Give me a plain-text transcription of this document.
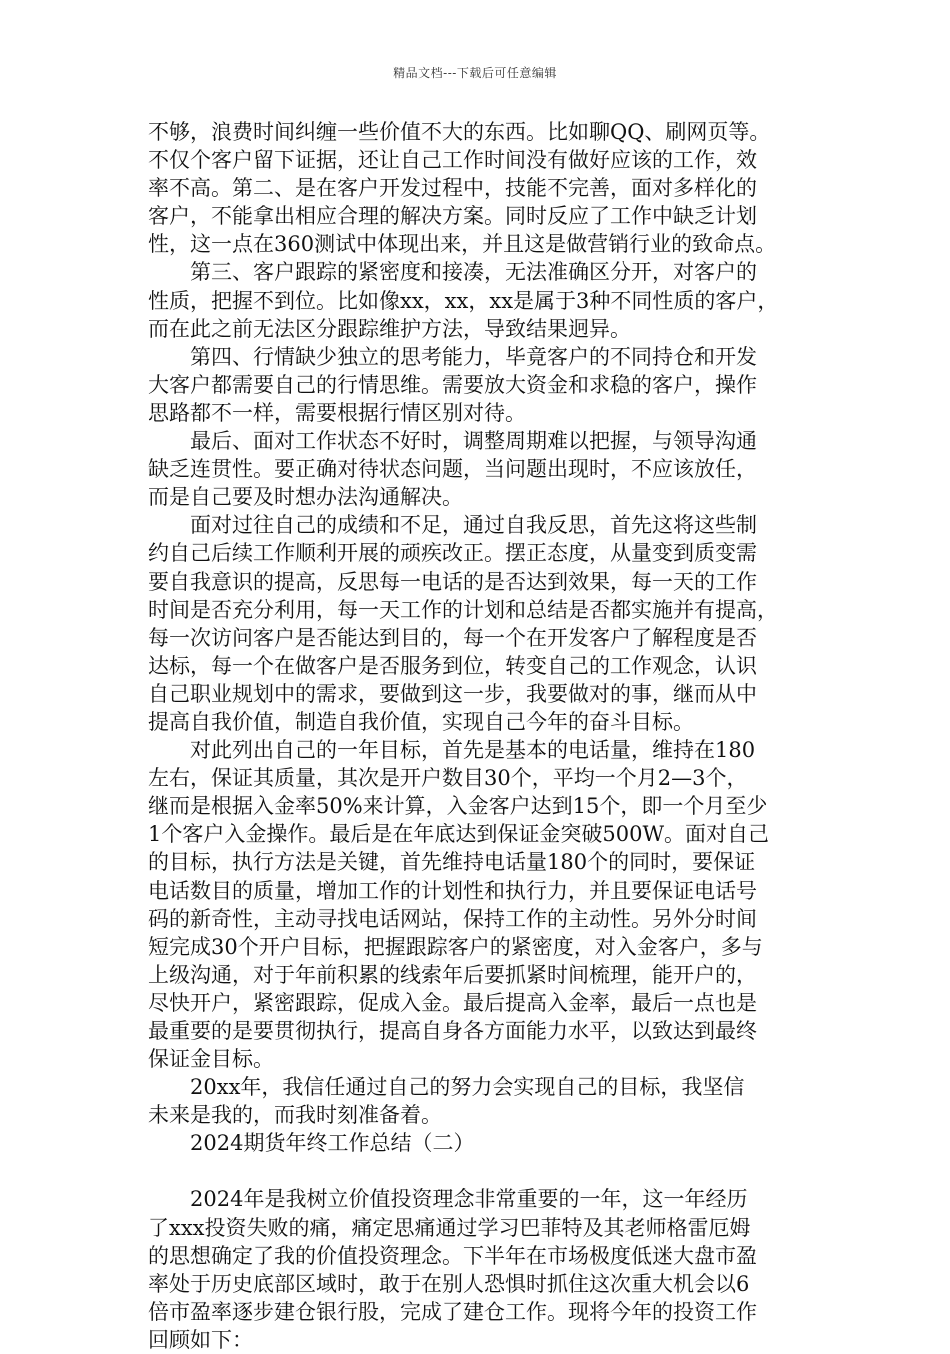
精品文档---下载后可任意编辑
不够，浪费时间纠缠一些价值不大的东西。比如聊QQ、刷网页等。
不仅个客户留下证据，还让自己工作时间没有做好应该的工作，效
率不高。第二、是在客户开发过程中，技能不完善，面对多样化的
客户，不能拿出相应合理的解决方案。同时反应了工作中缺乏计划
性，这一点在360测试中体现出来，并且这是做营销行业的致命点。
　　第三、客户跟踪的紧密度和接凑，无法准确区分开，对客户的
性质，把握不到位。比如像xx，xx，xx是属于3种不同性质的客户，
而在此之前无法区分跟踪维护方法，导致结果迥异。
　　第四、行情缺少独立的思考能力，毕竟客户的不同持仓和开发
大客户都需要自己的行情思维。需要放大资金和求稳的客户，操作
思路都不一样，需要根据行情区别对待。
　　最后、面对工作状态不好时，调整周期难以把握，与领导沟通
缺乏连贯性。要正确对待状态问题，当问题出现时，不应该放任，
而是自己要及时想办法沟通解决。
　　面对过往自己的成绩和不足，通过自我反思，首先这将这些制
约自己后续工作顺利开展的顽疾改正。摆正态度，从量变到质变需
要自我意识的提高，反思每一电话的是否达到效果，每一天的工作
时间是否充分利用，每一天工作的计划和总结是否都实施并有提高，
每一次访问客户是否能达到目的，每一个在开发客户了解程度是否
达标，每一个在做客户是否服务到位，转变自己的工作观念，认识
自己职业规划中的需求，要做到这一步，我要做对的事，继而从中
提高自我价值，制造自我价值，实现自己今年的奋斗目标。
　　对此列出自己的一年目标，首先是基本的电话量，维持在180
左右，保证其质量，其次是开户数目30个，平均一个月2—3个，
继而是根据入金率50%来计算，入金客户达到15个，即一个月至少
1个客户入金操作。最后是在年底达到保证金突破500W。面对自己
的目标，执行方法是关键，首先维持电话量180个的同时，要保证
电话数目的质量，增加工作的计划性和执行力，并且要保证电话号
码的新奇性，主动寻找电话网站，保持工作的主动性。另外分时间
短完成30个开户目标，把握跟踪客户的紧密度，对入金客户，多与
上级沟通，对于年前积累的线索年后要抓紧时间梳理，能开户的，
尽快开户，紧密跟踪，促成入金。最后提高入金率，最后一点也是
最重要的是要贯彻执行，提高自身各方面能力水平，以致达到最终
保证金目标。
　　20xx年，我信任通过自己的努力会实现自己的目标，我坚信
未来是我的，而我时刻准备着。
　　2024期货年终工作总结（二）
　　2024年是我树立价值投资理念非常重要的一年，这一年经历
了xxx投资失败的痛，痛定思痛通过学习巴菲特及其老师格雷厄姆
的思想确定了我的价值投资理念。下半年在市场极度低迷大盘市盈
率处于历史底部区域时，敢于在别人恐惧时抓住这次重大机会以6
倍市盈率逐步建仓银行股，完成了建仓工作。现将今年的投资工作
回顾如下：
